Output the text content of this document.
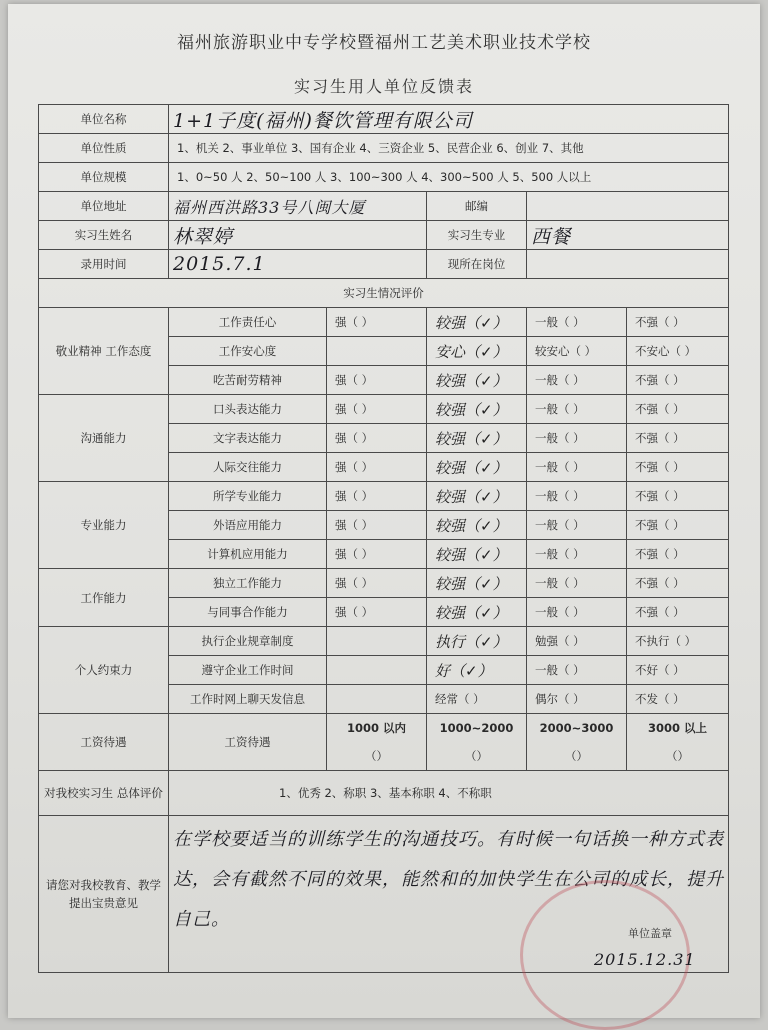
福州旅游职业中专学校暨福州工艺美术职业技术学校
实习生用人单位反馈表
单位名称	1+1子度(福州)餐饮管理有限公司				
单位性质	1、机关 2、事业单位 3、国有企业 4、三资企业 5、民营企业 6、创业 7、其他				
单位规模	1、0~50 人 2、50~100 人 3、100~300 人 4、300~500 人 5、500 人以上				
单位地址	福州西洪路33号八闽大厦		邮编		
实习生姓名	林翠婷		实习生专业	西餐	
录用时间	2015.7.1		现所在岗位		
实习生情况评价					
敬业精神 工作态度	工作责任心	强（ ）	较强（✓）	一般（ ）	不强（ ）
	工作安心度		安心（✓）	较安心（ ）	不安心（ ）
	吃苦耐劳精神	强（ ）	较强（✓）	一般（ ）	不强（ ）
沟通能力	口头表达能力	强（ ）	较强（✓）	一般（ ）	不强（ ）
	文字表达能力	强（ ）	较强（✓）	一般（ ）	不强（ ）
	人际交往能力	强（ ）	较强（✓）	一般（ ）	不强（ ）
专业能力	所学专业能力	强（ ）	较强（✓）	一般（ ）	不强（ ）
	外语应用能力	强（ ）	较强（✓）	一般（ ）	不强（ ）
	计算机应用能力	强（ ）	较强（✓）	一般（ ）	不强（ ）
工作能力	独立工作能力	强（ ）	较强（✓）	一般（ ）	不强（ ）
	与同事合作能力	强（ ）	较强（✓）	一般（ ）	不强（ ）
个人约束力	执行企业规章制度		执行（✓）	勉强（ ）	不执行（ ）
	遵守企业工作时间		好（✓）	一般（ ）	不好（ ）
	工作时网上聊天发信息		经常（ ）	偶尔（ ）	不发（ ）
工资待遇	工资待遇	1000 以内	1000~2000	2000~3000	3000 以上
		（）	（）	（）	（）
对我校实习生 总体评价	1、优秀 2、称职 3、基本称职 4、不称职				
请您对我校教育、教学提出宝贵意见	在学校要适当的训练学生的沟通技巧。有时候一句话换一种方式表达，会有截然不同的效果，能然和的加快学生在公司的成长，提升自己。				
单位盖章
2015.12.31
